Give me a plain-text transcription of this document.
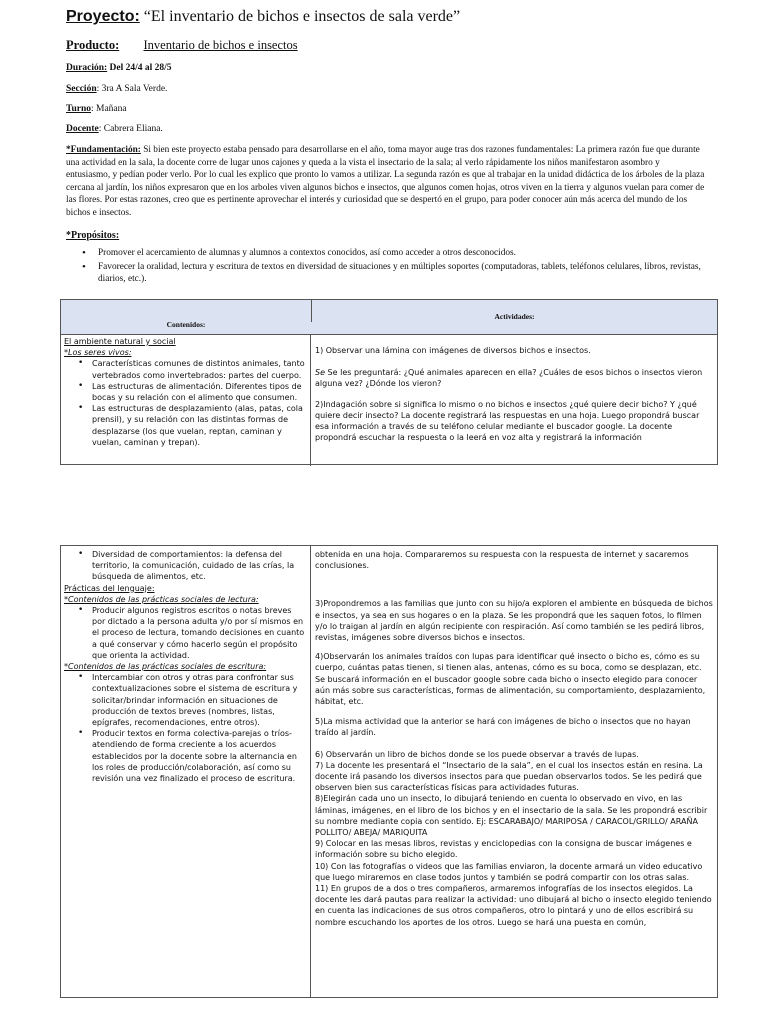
Proyecto: “El inventario de bichos e insectos de sala verde”
Producto: Inventario de bichos e insectos
Duración: Del 24/4 al 28/5
Sección: 3ra A Sala Verde.
Turno: Mañana
Docente: Cabrera Eliana.
*Fundamentación: Si bien este proyecto estaba pensado para desarrollarse en el año, toma mayor auge tras dos razones fundamentales: La primera razón fue que durante una actividad en la sala, la docente corre de lugar unos cajones y queda a la vista el insectario de la sala; al verlo rápidamente los niños manifestaron asombro y entusiasmo, y pedían poder verlo. Por lo cual les explico que pronto lo vamos a utilizar. La segunda razón es que al trabajar en la unidad didáctica de los árboles de la plaza cercana al jardín, los niños expresaron que en los arboles viven algunos bichos e insectos, que algunos comen hojas, otros viven en la tierra y algunos vuelan para comer de las flores. Por estas razones, creo que es pertinente aprovechar el interés y curiosidad que se despertó en el grupo, para poder conocer aún más acerca del mundo de los bichos e insectos.
*Propósitos:
• Promover el acercamiento de alumnas y alumnos a contextos conocidos, así como acceder a otros desconocidos.
• Favorecer la oralidad, lectura y escritura de textos en diversidad de situaciones y en múltiples soportes (computadoras, tablets, teléfonos celulares, libros, revistas, diarios, etc.).
Contenidos:
Actividades:

El ambiente natural y social

*Los seres vivos:

• Características comunes de distintos animales, tanto vertebrados como invertebrados: partes del cuerpo.
• Las estructuras de alimentación. Diferentes tipos de bocas y su relación con el alimento que consumen.
• Las estructuras de desplazamiento (alas, patas, cola prensil), y su relación con las distintas formas de desplazarse (los que vuelan, reptan, caminan y vuelan, caminan y trepan).

1) Observar una lámina con imágenes de diversos bichos e insectos.

Se Se les preguntará: ¿Qué animales aparecen en ella? ¿Cuáles de esos bichos o insectos vieron alguna vez? ¿Dónde los vieron?

2)Indagación sobre si significa lo mismo o no bichos e insectos ¿qué quiere decir bicho? Y ¿qué quiere decir insecto? La docente registrará las respuestas en una hoja. Luego propondrá buscar esa información a través de su teléfono celular mediante el buscador google. La docente propondrá escuchar la respuesta o la leerá en voz alta y registrará la información

• Diversidad de comportamientos: la defensa del territorio, la comunicación, cuidado de las crías, la búsqueda de alimentos, etc.

Prácticas del lenguaje:

*Contenidos de las prácticas sociales de lectura:

• Producir algunos registros escritos o notas breves por dictado a la persona adulta y/o por sí mismos en el proceso de lectura, tomando decisiones en cuanto a qué conservar y cómo hacerlo según el propósito que orienta la actividad.

*Contenidos de las prácticas sociales de escritura:

• Intercambiar con otros y otras para confrontar sus contextualizaciones sobre el sistema de escritura y solicitar/brindar información en situaciones de producción de textos breves (nombres, listas, epígrafes, recomendaciones, entre otros).
• Producir textos en forma colectiva-parejas o tríos- atendiendo de forma creciente a los acuerdos establecidos por la docente sobre la alternancia en los roles de producción/colaboración, así como su revisión una vez finalizado el proceso de escritura.

obtenida en una hoja. Compararemos su respuesta con la respuesta de internet y sacaremos conclusiones.

3)Propondremos a las familias que junto con su hijo/a exploren el ambiente en búsqueda de bichos e insectos, ya sea en sus hogares o en la plaza. Se les propondrá que les saquen fotos, lo filmen y/o lo traigan al jardín en algún recipiente con respiración. Así como también se les pedirá libros, revistas, imágenes sobre diversos bichos e insectos.

4)Observarán los animales traídos con lupas para identificar qué insecto o bicho es, cómo es su cuerpo, cuántas patas tienen, si tienen alas, antenas, cómo es su boca, como se desplazan, etc. Se buscará información en el buscador google sobre cada bicho o insecto elegido para conocer aún más sobre sus características, formas de alimentación, su comportamiento, desplazamiento, hábitat, etc.

5)La misma actividad que la anterior se hará con imágenes de bicho o insectos que no hayan traído al jardín.

6) Observarán un libro de bichos donde se los puede observar a través de lupas.

7) La docente les presentará el “Insectario de la sala”, en el cual los insectos están en resina. La docente irá pasando los diversos insectos para que puedan observarlos todos. Se les pedirá que observen bien sus características físicas para actividades futuras.

8)Elegirán cada uno un insecto, lo dibujará teniendo en cuenta lo observado en vivo, en las láminas, imágenes, en el libro de los bichos y en el insectario de la sala. Se les propondrá escribir su nombre mediante copia con sentido. Ej: ESCARABAJO/ MARIPOSA / CARACOL/GRILLO/ ARAÑA POLLITO/ ABEJA/ MARIQUITA

9) Colocar en las mesas libros, revistas y enciclopedias con la consigna de buscar imágenes e información sobre su bicho elegido.

10) Con las fotografías o videos que las familias enviaron, la docente armará un video educativo que luego miraremos en clase todos juntos y también se podrá compartir con los otras salas.

11) En grupos de a dos o tres compañeros, armaremos infografías de los insectos elegidos. La docente les dará pautas para realizar la actividad: uno dibujará al bicho o insecto elegido teniendo en cuenta las indicaciones de sus otros compañeros, otro lo pintará y uno de ellos escribirá su nombre escuchando los aportes de los otros. Luego se hará una puesta en común,
